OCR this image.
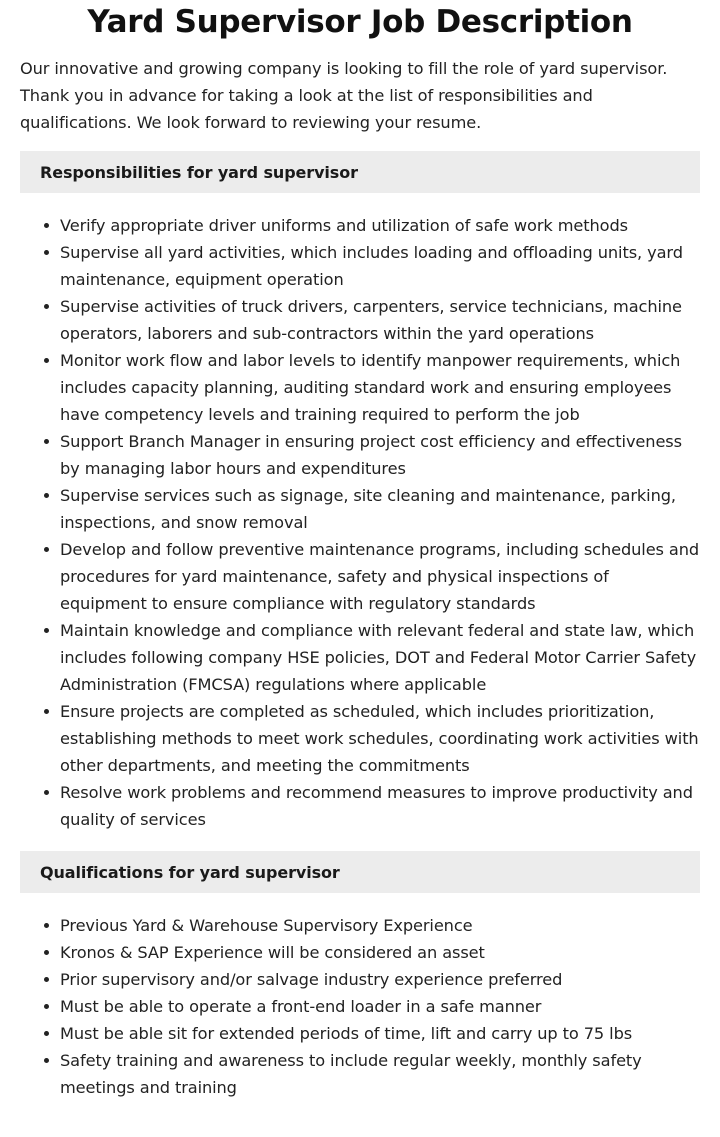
Yard Supervisor Job Description

Our innovative and growing company is looking to fill the role of yard supervisor. Thank you in advance for taking a look at the list of responsibilities and qualifications. We look forward to reviewing your resume.

Responsibilities for yard supervisor
Verify appropriate driver uniforms and utilization of safe work methods
Supervise all yard activities, which includes loading and offloading units, yard maintenance, equipment operation
Supervise activities of truck drivers, carpenters, service technicians, machine operators, laborers and sub-contractors within the yard operations
Monitor work flow and labor levels to identify manpower requirements, which includes capacity planning, auditing standard work and ensuring employees have competency levels and training required to perform the job
Support Branch Manager in ensuring project cost efficiency and effectiveness by managing labor hours and expenditures
Supervise services such as signage, site cleaning and maintenance, parking, inspections, and snow removal
Develop and follow preventive maintenance programs, including schedules and procedures for yard maintenance, safety and physical inspections of equipment to ensure compliance with regulatory standards
Maintain knowledge and compliance with relevant federal and state law, which includes following company HSE policies, DOT and Federal Motor Carrier Safety Administration (FMCSA) regulations where applicable
Ensure projects are completed as scheduled, which includes prioritization, establishing methods to meet work schedules, coordinating work activities with other departments, and meeting the commitments
Resolve work problems and recommend measures to improve productivity and quality of services
Qualifications for yard supervisor
Previous Yard & Warehouse Supervisory Experience
Kronos & SAP Experience will be considered an asset
Prior supervisory and/or salvage industry experience preferred
Must be able to operate a front-end loader in a safe manner
Must be able sit for extended periods of time, lift and carry up to 75 lbs
Safety training and awareness to include regular weekly, monthly safety meetings and training
